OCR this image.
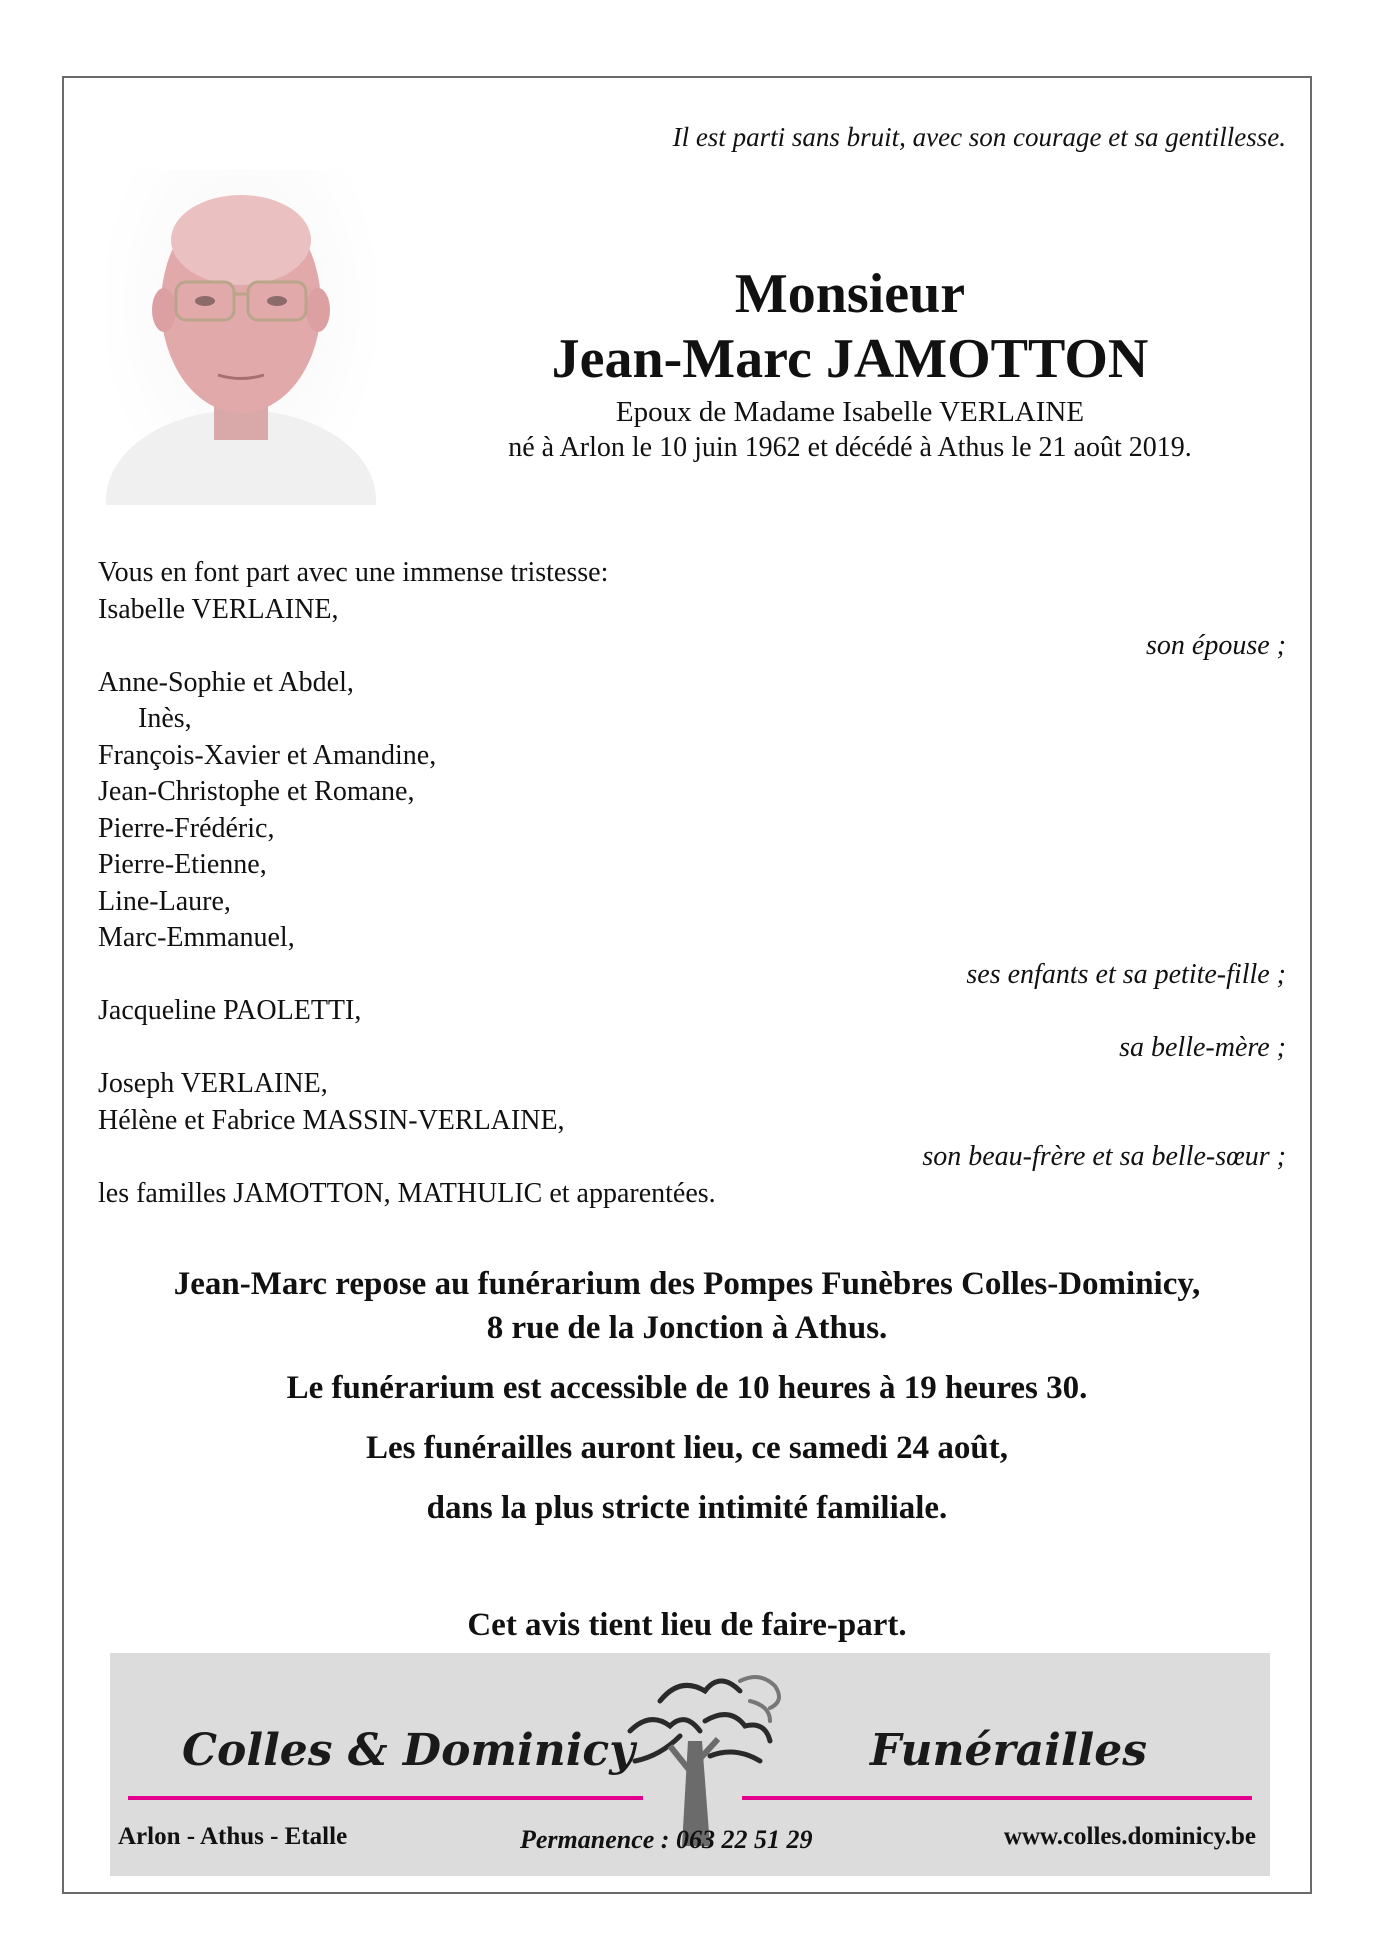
Il est parti sans bruit, avec son courage et sa gentillesse.
Monsieur
Jean-Marc JAMOTTON
Epoux de Madame Isabelle VERLAINE
né à Arlon le 10 juin 1962 et décédé à Athus le 21 août 2019.
Vous en font part avec une immense tristesse:
Isabelle VERLAINE,
son épouse ;
Anne-Sophie et Abdel,
Inès,
François-Xavier et Amandine,
Jean-Christophe et Romane,
Pierre-Frédéric,
Pierre-Etienne,
Line-Laure,
Marc-Emmanuel,
ses enfants et sa petite-fille ;
Jacqueline PAOLETTI,
sa belle-mère ;
Joseph VERLAINE,
Hélène et Fabrice MASSIN-VERLAINE,
son beau-frère et sa belle-sœur ;
les familles JAMOTTON, MATHULIC et apparentées.
Jean-Marc repose au funérarium des Pompes Funèbres Colles-Dominicy,
8 rue de la Jonction à Athus.
Le funérarium est accessible de 10 heures à 19 heures 30.
Les funérailles auront lieu, ce samedi 24 août,
dans la plus stricte intimité familiale.
Cet avis tient lieu de faire-part.
Colles & Dominicy	Funérailles
Arlon - Athus - Etalle	Permanence : 063 22 51 29	www.colles.dominicy.be
